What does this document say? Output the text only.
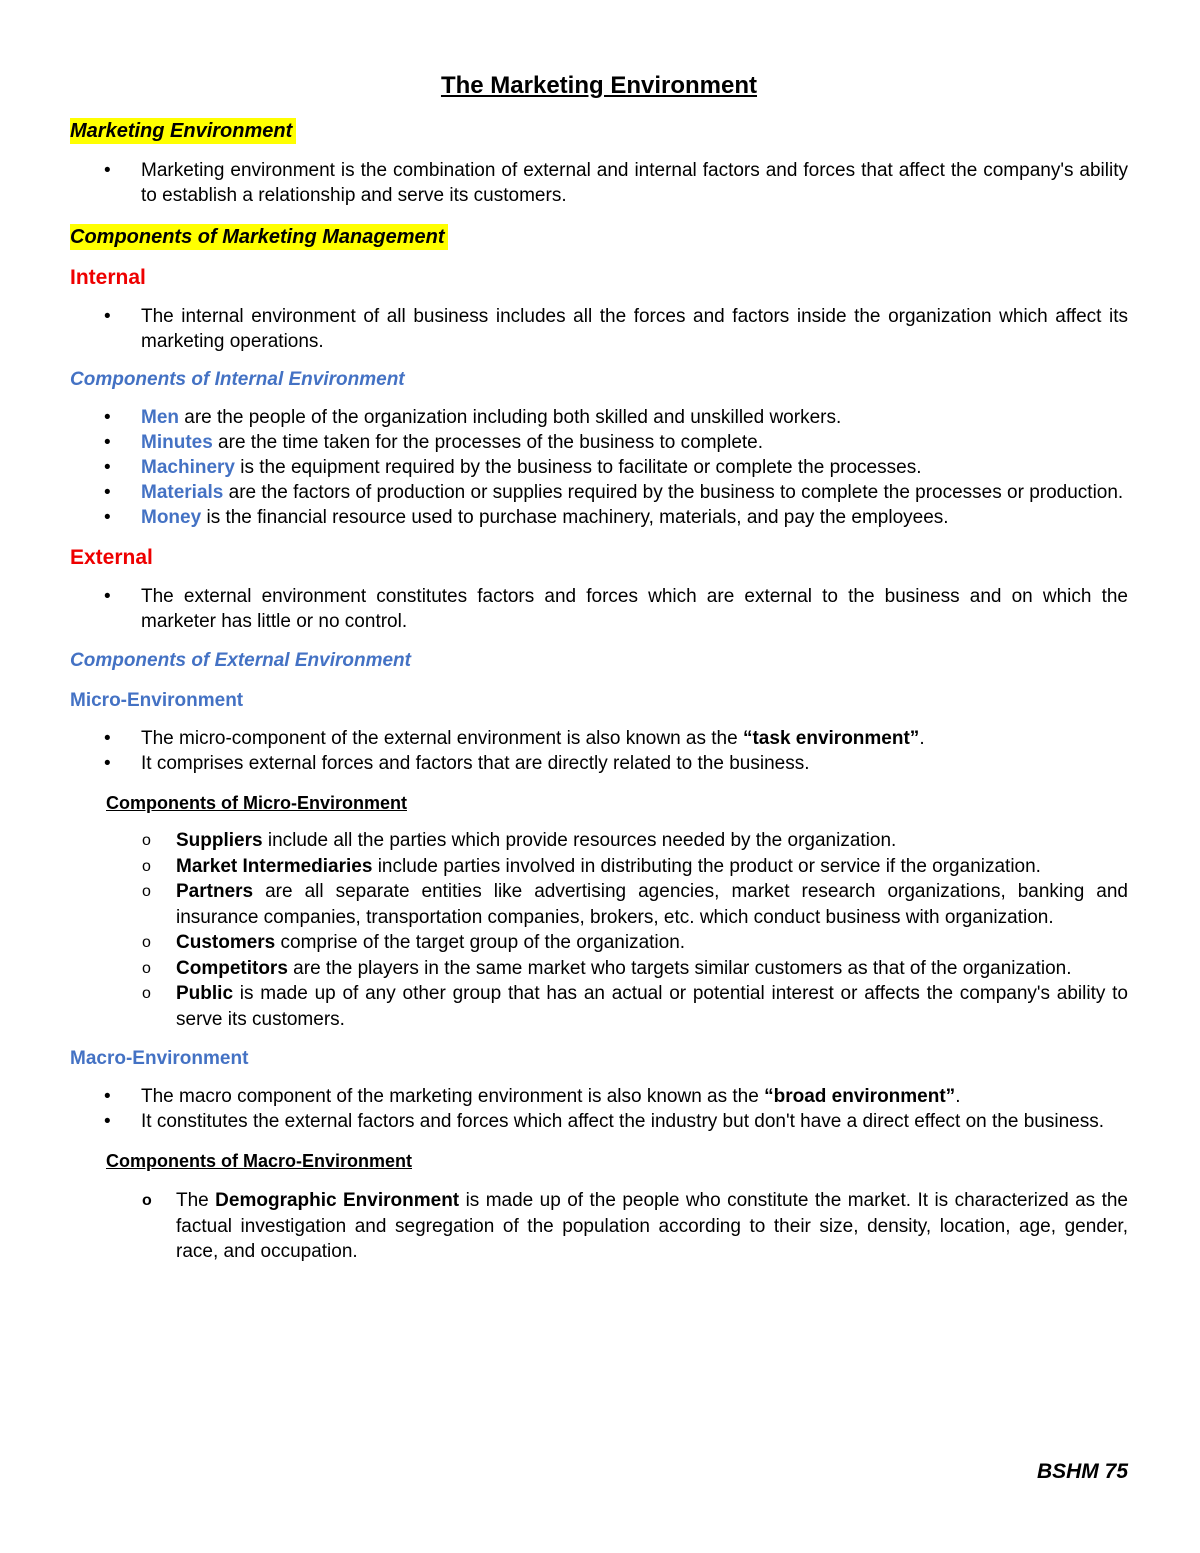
The Marketing Environment
Marketing Environment
• Marketing environment is the combination of external and internal factors and forces that affect the company's ability to establish a relationship and serve its customers.
Components of Marketing Management
Internal
• The internal environment of all business includes all the forces and factors inside the organization which affect its marketing operations.
Components of Internal Environment
• Men are the people of the organization including both skilled and unskilled workers.
• Minutes are the time taken for the processes of the business to complete.
• Machinery is the equipment required by the business to facilitate or complete the processes.
• Materials are the factors of production or supplies required by the business to complete the processes or production.
• Money is the financial resource used to purchase machinery, materials, and pay the employees.
External
• The external environment constitutes factors and forces which are external to the business and on which the marketer has little or no control.
Components of External Environment
Micro-Environment
• The micro-component of the external environment is also known as the “task environment”.
• It comprises external forces and factors that are directly related to the business.
Components of Micro-Environment
o Suppliers include all the parties which provide resources needed by the organization.
o Market Intermediaries include parties involved in distributing the product or service if the organization.
o Partners are all separate entities like advertising agencies, market research organizations, banking and insurance companies, transportation companies, brokers, etc. which conduct business with organization.
o Customers comprise of the target group of the organization.
o Competitors are the players in the same market who targets similar customers as that of the organization.
o Public is made up of any other group that has an actual or potential interest or affects the company's ability to serve its customers.
Macro-Environment
• The macro component of the marketing environment is also known as the “broad environment”.
• It constitutes the external factors and forces which affect the industry but don't have a direct effect on the business.
Components of Macro-Environment
o The Demographic Environment is made up of the people who constitute the market. It is characterized as the factual investigation and segregation of the population according to their size, density, location, age, gender, race, and occupation.
BSHM 75
